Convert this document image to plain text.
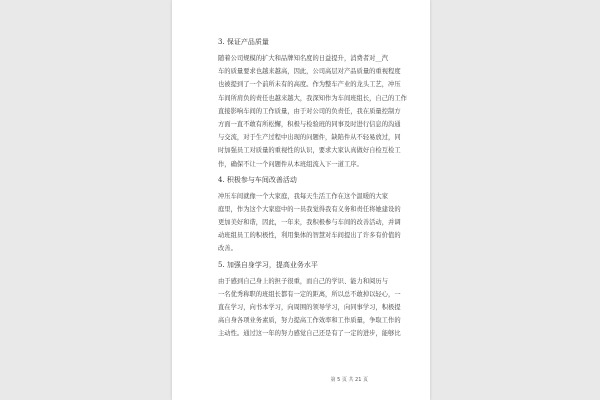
3. 保证产品质量
随着公司规模的扩大和品牌知名度的日益提升，消费者对__汽
车的质量要求也越来越高，因此，公司高层对产品质量的重视程度
也被提到了一个前所未有的高度。作为整车产业的龙头工艺，冲压
车间所肩负的责任也越来越大，我深知作为车间班组长，自己的工作
直接影响车间的工作质量，由于对公司的负责任，我在质量控制方
方面一直不敢有所松懈，积极与检验班的同事及时进行信息的沟通
与交流，对于生产过程中出现的问题件，缺陷件从不轻易放过，同
时加强员工对质量的重视性的认识，要求大家认真做好自检互检工
作，确保不让一个问题件从本班组流入下一道工序。
4. 积极参与车间改善活动
冲压车间就像一个大家庭，我每天生活工作在这个温暖的大家
庭里，作为这个大家庭中的一员我觉得我有义务和责任将她建设的
更加美好和谐，因此，一年来，我积极参与车间的改善活动，并调
动班组员工的积极性，利用集体的智慧对车间提出了许多有价值的
改善。
5. 加强自身学习，提高业务水平
由于感到自己身上的担子很重，而自己的学识、能力和阅历与
一名优秀称职的班组长都有一定的距离，所以总不敢掉以轻心，一
直在学习，向书本学习，向周围的领导学习，向同事学习，积极提
高自身各项业务素质，努力提高工作效率和工作质量，争取工作的
主动性。通过这一年的努力感觉自己还是有了一定的进步，能够比
第 5 页 共 21 页
